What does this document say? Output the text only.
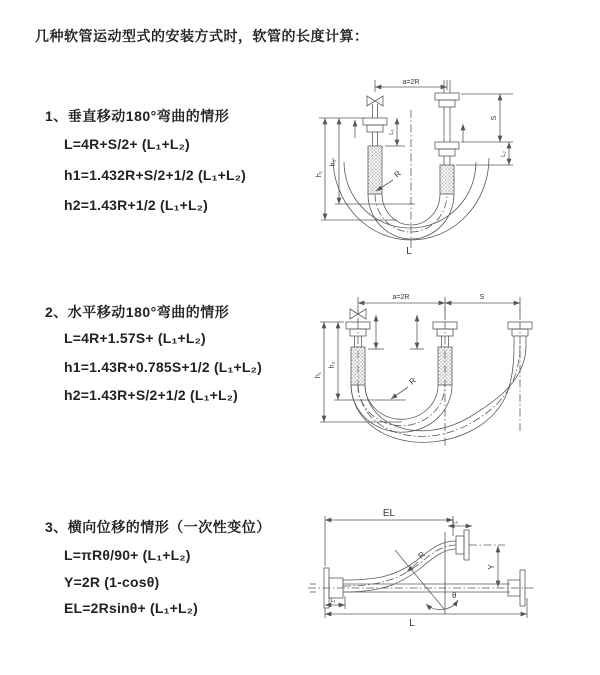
几种软管运动型式的安装方式时，软管的长度计算：
1、垂直移动180°弯曲的情形
L=4R+S/2+ (L₁+L₂)
h1=1.432R+S/2+1/2 (L₁+L₂)
h2=1.43R+1/2 (L₁+L₂)
a=2R
h₁
h₂
L₁
S
L₂
R
L
2、水平移动180°弯曲的情形
L=4R+1.57S+ (L₁+L₂)
h1=1.43R+0.785S+1/2 (L₁+L₂)
h2=1.43R+S/2+1/2 (L₁+L₂)
a=2R	S
h₁
h₂
R
3、横向位移的情形（一次性变位）
L=πRθ/90+ (L₁+L₂)
Y=2R (1-cosθ)
EL=2Rsinθ+ (L₁+L₂)
EL
L₂
Y
R
θ
L
L₁
